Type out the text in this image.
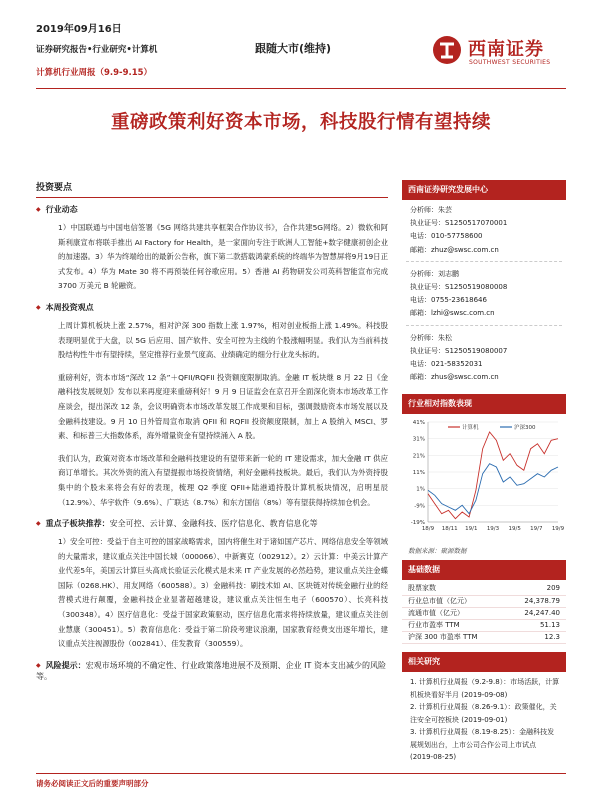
2019年09月16日
证券研究报告•行业研究•计算机
计算机行业周报（9.9-9.15）
跟随大市(维持)	西南证券
SOUTHWEST SECURITIES
重磅政策利好资本市场，科技股行情有望持续
投资要点
◆ 行业动态
1）中国联通与中国电信签署《5G 网络共建共享框架合作协议书》，合作共建5G网络。2）微软和阿斯利康宣布将联手推出 AI Factory for Health，是一家面向专注于欧洲人工智能+数字健康初创企业的加速器。3）华为终端给出的最新公告称，旗下第二款搭载鸿蒙系统的终端华为智慧屏将9月19日正式发布。4）华为 Mate 30 将不再预装任何谷歌应用。5）香港 AI 药物研发公司英科智能宣布完成 3700 万美元 B 轮融资。
◆ 本周投资观点
上周计算机板块上涨 2.57%，相对沪深 300 指数上涨 1.97%，相对创业板指上涨 1.49%。科技股表现明显优于大盘，以 5G 后应用、国产软件、安全可控为主线的个股涨幅明显。我们认为当前科技股结构性牛市有望持续，坚定推荐行业景气度高、业绩确定的细分行业龙头标的。
重磅利好，资本市场“深改 12 条”＋QFII/RQFII 投资额度限制取消。金融 IT 板块继 8 月 22 日《金融科技发展规划》发布以来再度迎来重磅利好！9 月 9 日证监会在京召开全面深化资本市场改革工作座谈会，提出深改 12 条，会议明确资本市场改革发展工作成果和目标，强调鼓励资本市场发展以及金融科技建设。9 月 10 日外管局宣布取消 QFII 和 RQFII 投资额度限制，加上 A 股纳入 MSCI、罗素、和标普三大指数体系，海外增量资金有望持续涌入 A 股。
我们认为，政策对资本市场改革和金融科技建设的有望带来新一轮的 IT 建设需求，加大金融 IT 供应商订单增长。其次外资的流入有望提振市场投资情绪，利好金融科技板块。最后，我们认为外资持股集中的个股未来将会有好的表现，梳理 Q2 季度 QFII+陆港通持股计算机板块情况，启明星辰（12.9%）、华宇软件（9.6%）、广联达（8.7%）和东方国信（8%）等有望获得持续加仓机会。
◆ 重点子板块推荐：安全可控、云计算、金融科技、医疗信息化、教育信息化等
1）安全可控：受益于自主可控的国家战略需求，国内将催生对于诸如国产芯片、网络信息安全等领域的大量需求，建议重点关注中国长城（000066）、中新赛克（002912）。2）云计算：中美云计算产业代差5年，美国云计算巨头高成长验证云化模式是未来 IT 产业发展的必然趋势，建议重点关注金蝶国际（0268.HK）、用友网络（600588）。3）金融科技：刷技术如 AI、区块链对传统金融行业的经营模式进行颠覆，金融科技企业显著超越建设，建议重点关注恒生电子（600570）、长亮科技（300348）。4）医疗信息化：受益于国家政策驱动，医疗信息化需求将持续放量，建议重点关注创业慧康（300451）。5）教育信息化：受益于第二阶段考建议浪潮，国家教育经费支出逐年增长，建议重点关注视源股份（002841）、佳发教育（300559）。
◆ 风险提示：宏观市场环境的不确定性、行业政策落地进展不及预期、企业 IT 资本支出减少的风险等。
西南证券研究发展中心
分析师：朱芸
执业证号：S1250517070001
电话：010-57758600
邮箱：zhuz@swsc.com.cn
分析师：刘志鹏
执业证号：S1250519080008
电话：0755-23618646
邮箱：lzhi@swsc.com.cn
分析师：朱松
执业证号：S1250519080007
电话：021-58352031
邮箱：zhus@swsc.com.cn
行业相对指数表现
41%
31%
21%
11%
1%
-9%
-19%
18/9 18/11 19/1 19/3 19/5 19/7 19/9
计算机	沪深300
数据来源：聚源数据
基础数据
股票家数	209
行业总市值（亿元）	24,378.79
流通市值（亿元）	24,247.40
行业市盈率 TTM	51.13
沪深 300 市盈率 TTM	12.3
相关研究
1. 计算机行业周报（9.2-9.8）：市场活跃，计算机板块看好半月 (2019-09-08)
2. 计算机行业周报（8.26-9.1）：政策催化，关注安全可控板块 (2019-09-01)
3. 计算机行业周报（8.19-8.25）：金融科技发展规划出台，上市公司合作公司上市试点 (2019-08-25)
请务必阅读正文后的重要声明部分
